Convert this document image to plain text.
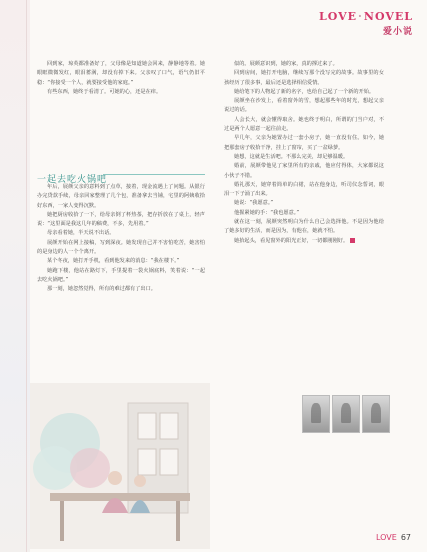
LOVE·NOVEL
爱小说

回到家，琼英都准备好了，父母像是知道她会回来，静静地等着。她眼眶微微发红，眼泪蓄满，却没有掉下来。父亲叹了口气，语气仍旧平稳：“你接受一个人，就要接受他的家庭。”

有些东西，她终于看清了。可她的心，还是在痒。

一起去吃火锅吧

年后，展颜父亲的意料到了点草，接着，现金流遇上了问题。从银行办完贷款手续，母亲回家整理了几个包，准备拿去当铺，宅里的阿姨收拾好东西，一家人变得沉默。

她把厨房收拾了一下，给母亲倒了杯热茶，把存折放在了桌上，轻声说：“这里面是我这几年的稿费，不多，先用着。”

母亲看着她，半天说不出话。

展颜开始在网上接稿，写到深夜。她发现自己并不害怕吃苦，她害怕的是身边的人一个个离开。

某个冬夜，她打开手机，看到他发来的消息：“我在楼下。”

她跑下楼，他站在路灯下，手里提着一袋火锅底料，笑着说：“一起去吃火锅吧。”

那一刻，她忽然觉得，所有的难过都有了出口。

似的。展颜意识到，她的家，真的撑过来了。

回到房间，她打开电脑，继续写那个没写完的故事。故事里的女孩经历了很多事，最后还是选择相信爱情。

她给笔下的人物起了新的名字，也给自己起了一个新的开始。

展颜坐在沙发上，看着窗外的雪，想起那些年的时光，想起父亲说过的话。

人会长大，就会懂得取舍。她也终于明白，所谓的门当户对，不过是两个人愿意一起往前走。

早几年，父亲为她置办过一套小房子，她一直没有住。如今，她把那套房子收拾干净，挂上了窗帘，买了一盆绿萝。

她想，这就是生活吧。不那么完美，却足够温暖。

婚前，展颜带他见了家里所有的亲戚，他应付得体，大家都说这小伙子不错。

婚礼那天，她穿着简单的白裙，站在他身边，听司仪念誓词，眼泪一下子涌了出来。

她说：“我愿意。”

他握紧她的手：“我也愿意。”

就在这一刻，展颜突然明白为什么自己会选择他。不是因为他给了她多好的生活，而是因为，有他在，她就不怕。

她抬起头，看见窗外的阳光正好，一切都刚刚好。

LOVE 67
